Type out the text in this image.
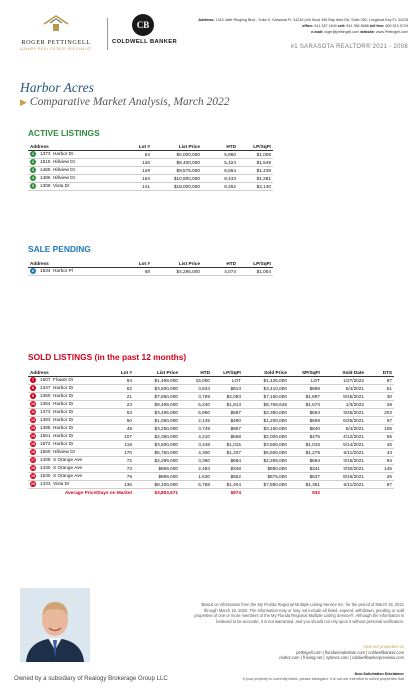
ROGER PETTINGELL
LUXURY REAL ESTATE SPECIALIST
CB
COLDWELL BANKER
Address: 1343 Jaffe Ringling Blvd., Suite K, Sarasota FL 34236 (4th floor) 495 Bay Isles Rd, Suite 250, Longboat Key FL 34228
office: 941 387 1840 cell: 941 356 8886 toll free: 800 510 5729
e-mail: roger@pettingell.com website: www.Pettingell.com
#1 SARASOTA REALTOR® 2021 - 2008
Harbor Acres
▶ Comparative Market Analysis, March 2022
ACTIVE LISTINGS
Address	Lot #	List Price	HTD	LP/SqFt
1 1373  Harbor Dr	53	$6,000,000	5,950	$1,008
2 1515  Hillview Dr	126	$8,400,000	5,424	$1,549
3 1465  Hillview Dr	129	$9,575,000	6,654	$1,439
4 1486  Hillview Dr	163	$10,800,000	8,433	$1,281
5 1309  Vista Dr	141	$18,000,000	8,452	$2,130
SALE PENDING
Address	Lot #	List Price	HTD	LP/SqFt
6 1534  Harbor Pl	68	$4,295,000	4,074	$1,054
SOLD LISTINGS (in the past 12 months)
Address	Lot #	List Price	HTD	LP/SqFt	Sold Price	SP/SqFt	Sold Date	DTS
7 1607  Flower Dr	94	$1,499,000	15,000	LOT	$1,425,000	LOT	1/27/2022	87
8 1347  Harbor Dr	62	$3,500,000	3,834	$913	$3,410,000	$889	6/4/2021	51
9 1360  Harbor Dr	21	$7,850,000	3,769	$2,083	$7,150,000	$1,897	9/15/2021	30
10 1364  Harbor Dr	23	$9,499,000	5,240	$1,813	$8,768,645	$1,673	1/3/2022	28
11 1373  Harbor Dr	53	$3,495,000	5,950	$587	$3,350,000	$563	3/25/2021	203
12 1383  Harbor Dr	50	$1,050,000	2,145	$490	$1,200,000	$559	6/25/2021	67
13 1385  Harbor Dr	49	$3,250,000	3,749	$867	$3,150,000	$840	6/4/2021	105
14 1561  Harbor Dr	107	$2,390,000	4,210	$568	$2,000,000	$475	4/12/2021	55
15 1572  Harbor Dr	119	$3,500,000	3,448	$1,015	$3,500,000	$1,015	5/14/2021	45
16 1560  Hillview Dr	170	$5,750,000	4,300	$1,337	$5,500,000	$1,279	6/11/2021	44
17 1408  S Orange Ave	72	$2,299,000	3,360	$684	$2,299,000	$684	3/15/2021	94
18 1430  S Orange Ave	73	$869,000	2,494	$348	$850,000	$341	3/30/2021	145
19 1630  S Orange Ave	79	$899,000	1,630	$552	$875,000	$537	8/16/2021	26
20 1333  Vista Dr	136	$8,100,000	5,768	$1,404	$7,850,000	$1,361	6/11/2021	87
Average Price/Days on Market		$3,853,571		$974		932		
Based on information from the My Florida Regional Multiple Listing Service Inc. for the period of March 15, 2021 through March 15, 2022. The information may or may not include all listed, expired, withdrawn, pending or sold properties of one or more members of the My Florida Regional Multiple Listing Service®. Although the information is believed to be accurate, it is not warranted, and you should not rely upon it without personal verification.
View our properties on
pettingell.com | floridasrealestate.com | coldwellbanker.com
realtor.com | fl.living.net | nytimes.com | coldwellbankerpreviews.com
Non-Solicitation Disclaimer
If your property is currently listed, please disregard. It is not our intention to solicit properties that
Owned by a subsidiary of Realogy Brokerage Group LLC
